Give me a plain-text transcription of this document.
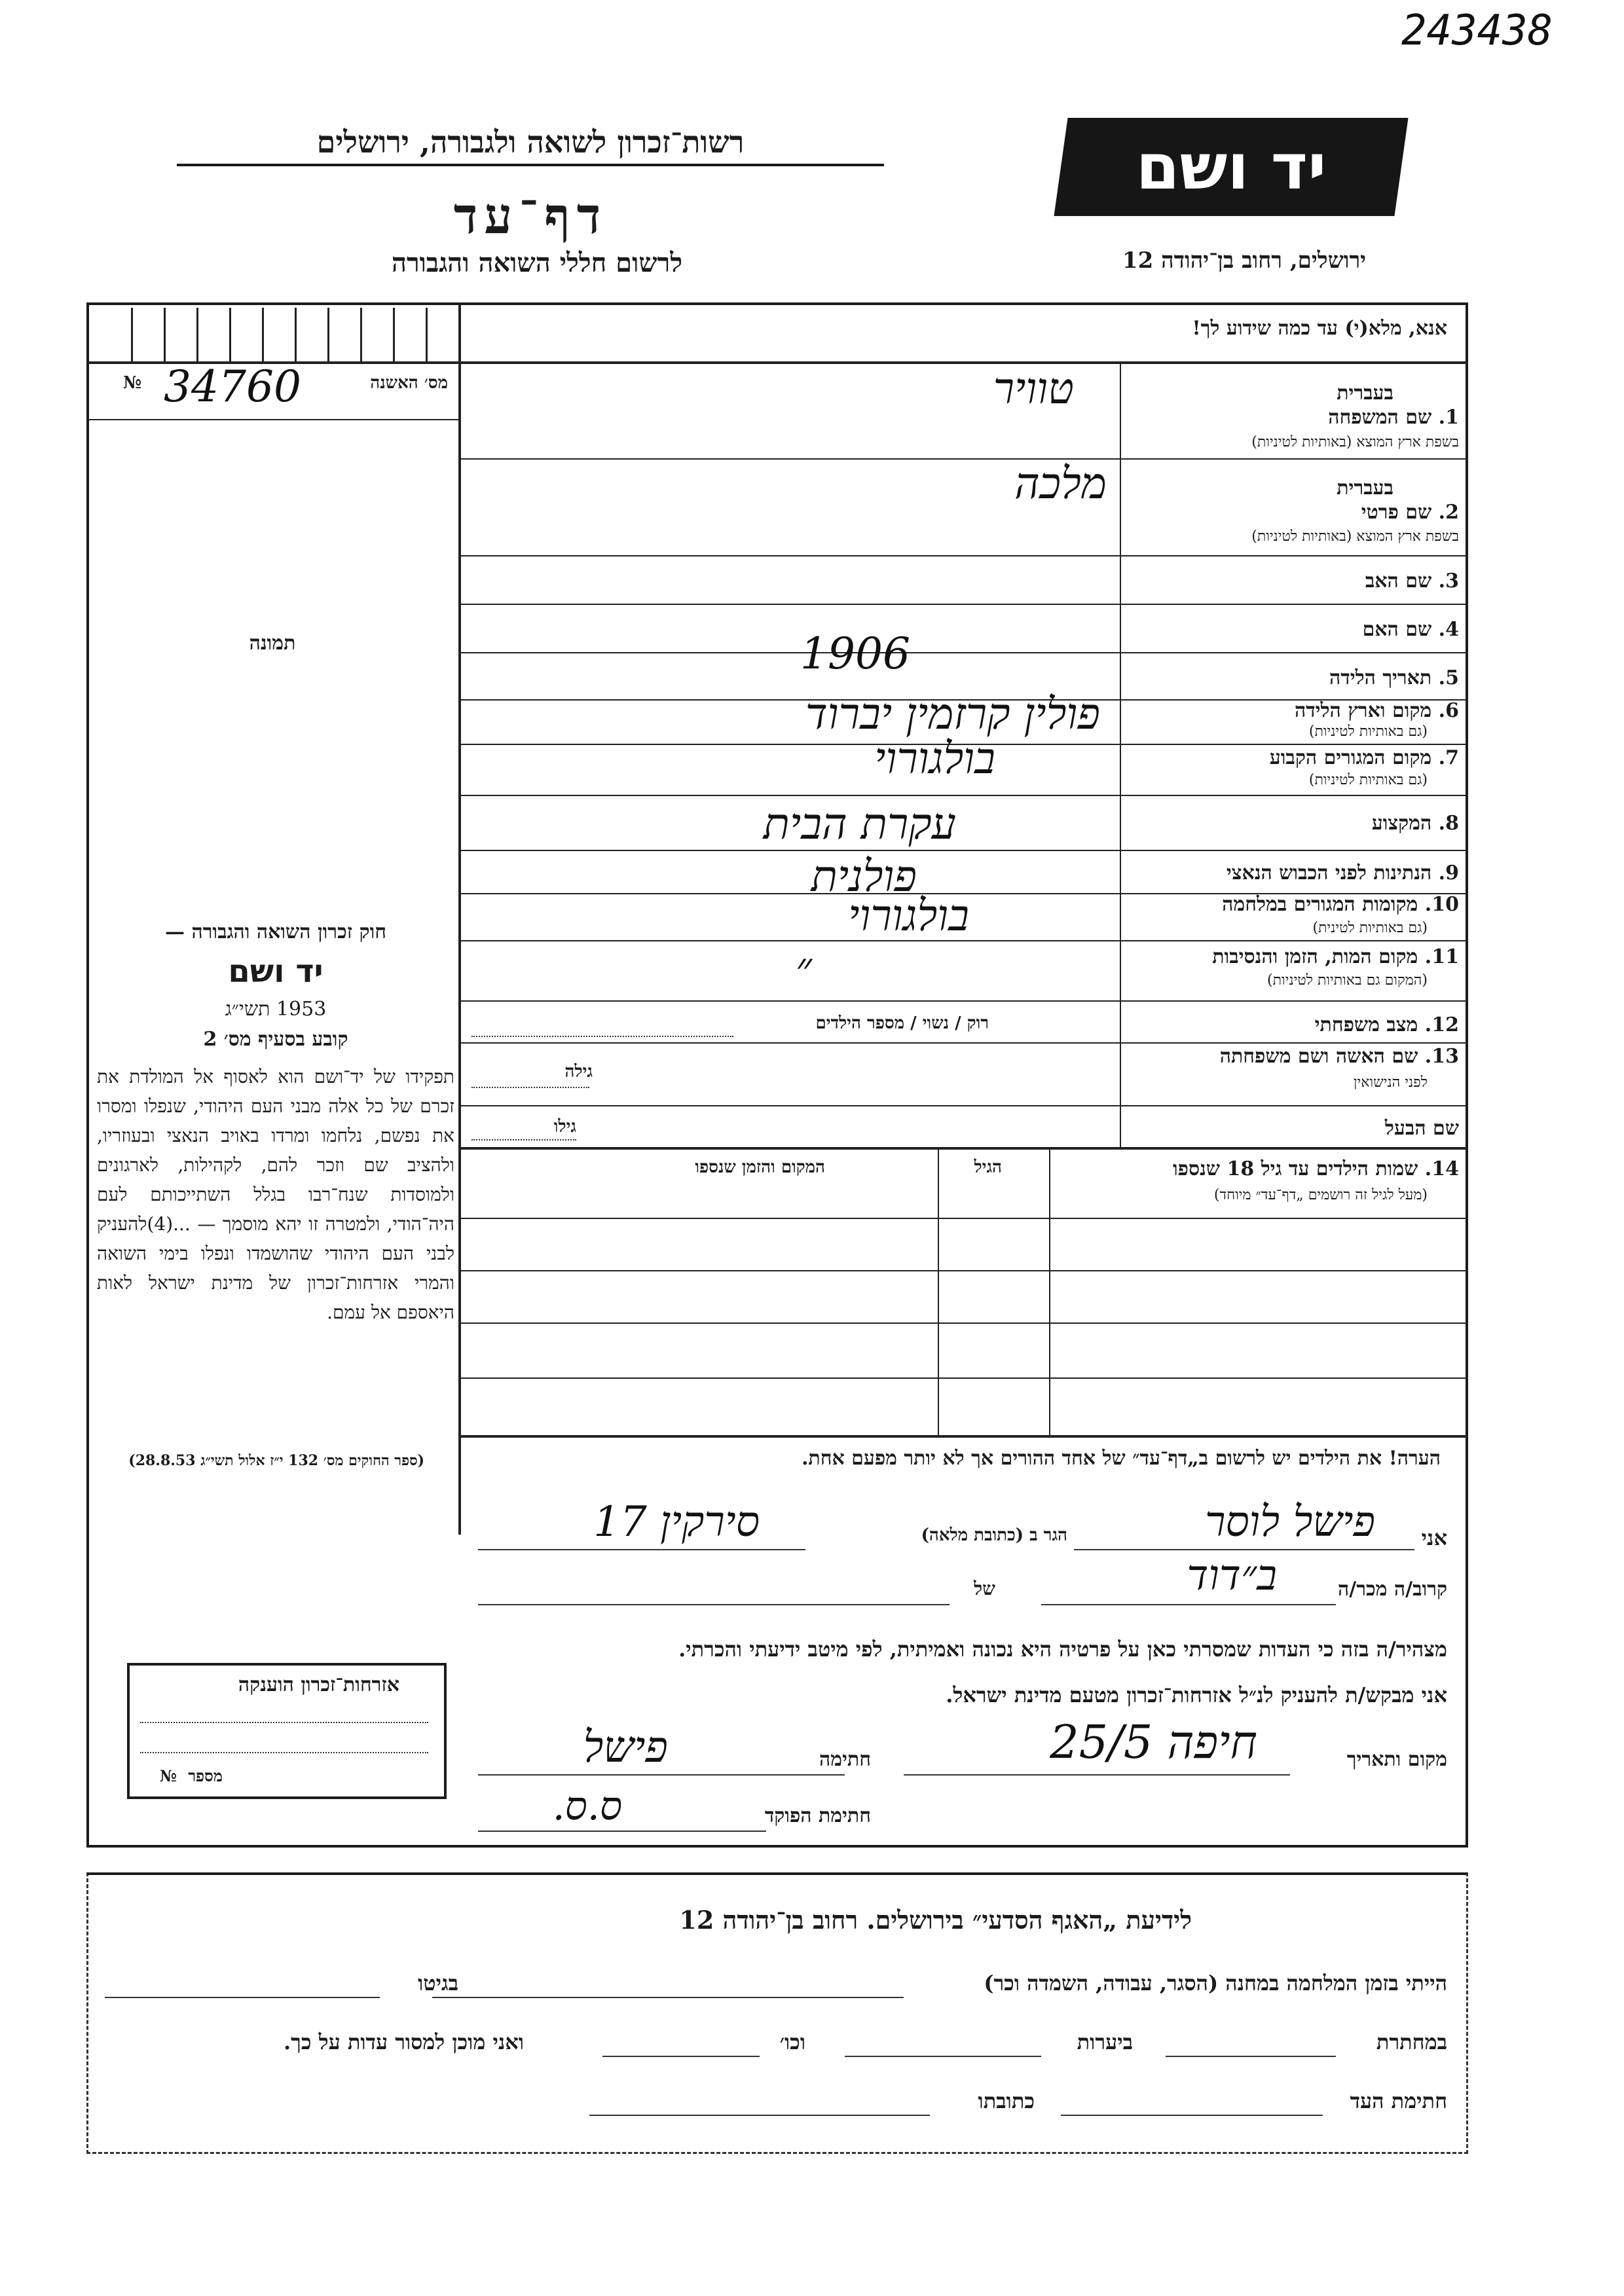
243438
רשות־זכרון לשואה ולגבורה, ירושלים
דף־עד
לרשום חללי השואה והגבורה
יד ושם
ירושלים, רחוב בן־יהודה 12
אנא, מלא(י) עד כמה שידוע לך!
מס׳ האשנה
№ 34760
תמונה
בעברית
1. שם המשפחה
בשפת ארץ המוצא (באותיות לטיניות)
בעברית
2. שם פרטי
בשפת ארץ המוצא (באותיות לטיניות)
3. שם האב
4. שם האם
5. תאריך הלידה
6. מקום וארץ הלידה
(גם באותיות לטיניות)
7. מקום המגורים הקבוע
(גם באותיות לטיניות)
8. המקצוע
9. הנתינות לפני הכבוש הנאצי
10. מקומות המגורים במלחמה
(גם באותיות לטינית)
11. מקום המות, הזמן והנסיבות
(המקום גם באותיות לטיניות)
12. מצב משפחתי
13. שם האשה ושם משפחתה
לפני הנישואין
שם הבעל
טוויר
מלכה
1906
פולין קרזמין יברוד
בולגורוי
עקרת הבית
פולנית
בולגורוי
״
רוק / נשוי / מספר הילדים
גילה
גילו
14. שמות הילדים עד גיל 18 שנספו
(מעל לגיל זה רושמים „דף־עד״ מיוחד)
הגיל
המקום והזמן שנספו
חוק זכרון השואה והגבורה —
יד ושם
1953 תשי״ג
קובע בסעיף מס׳ 2
תפקידו של יד־ושם הוא לאסוף אל המולדת את זכרם של כל אלה מבני העם היהודי, שנפלו ומסרו את נפשם, נלחמו ומרדו באויב הנאצי ובעוזריו, ולהציב שם וזכר להם, לקהילות, לארגונים ולמוסדות שנח־רבו בגלל השתייכותם לעם היה־הודי, ולמטרה זו יהא מוסמך — ...(4)להעניק לבני העם היהודי שהושמדו ונפלו בימי השואה והמרי אזרחות־זכרון של מדינת ישראל לאות היאספם אל עמם.
(ספר החוקים מס׳ 132 י״ז אלול תשי״ג 28.8.53)	הערה! את הילדים יש לרשום ב„דף־עד״ של אחד ההורים אך לא יותר מפעם אחת.
אני
פישל לוסר
הגר ב (כתובת מלאה)
סירקין 17
קרוב/ה מכר/ה
ב״דוד
של
מצהיר/ה בזה כי העדות שמסרתי כאן על פרטיה היא נכונה ואמיתית, לפי מיטב ידיעתי והכרתי.
אני מבקש/ת להעניק לנ״ל אזרחות־זכרון מטעם מדינת ישראל.
מקום ותאריך
חיפה 25/5
חתימה
פישל
חתימת הפוקד
ס.ס.
אזרחות־זכרון הוענקה
מספר
№
לידיעת „האגף הסדעי״ בירושלים. רחוב בן־יהודה 12
הייתי בזמן המלחמה במחנה (הסגר, עבודה, השמדה וכר)
בגיטו
במחתרת
ביערות
וכו׳
ואני מוכן למסור עדות על כך.
חתימת העד
כתובתו
